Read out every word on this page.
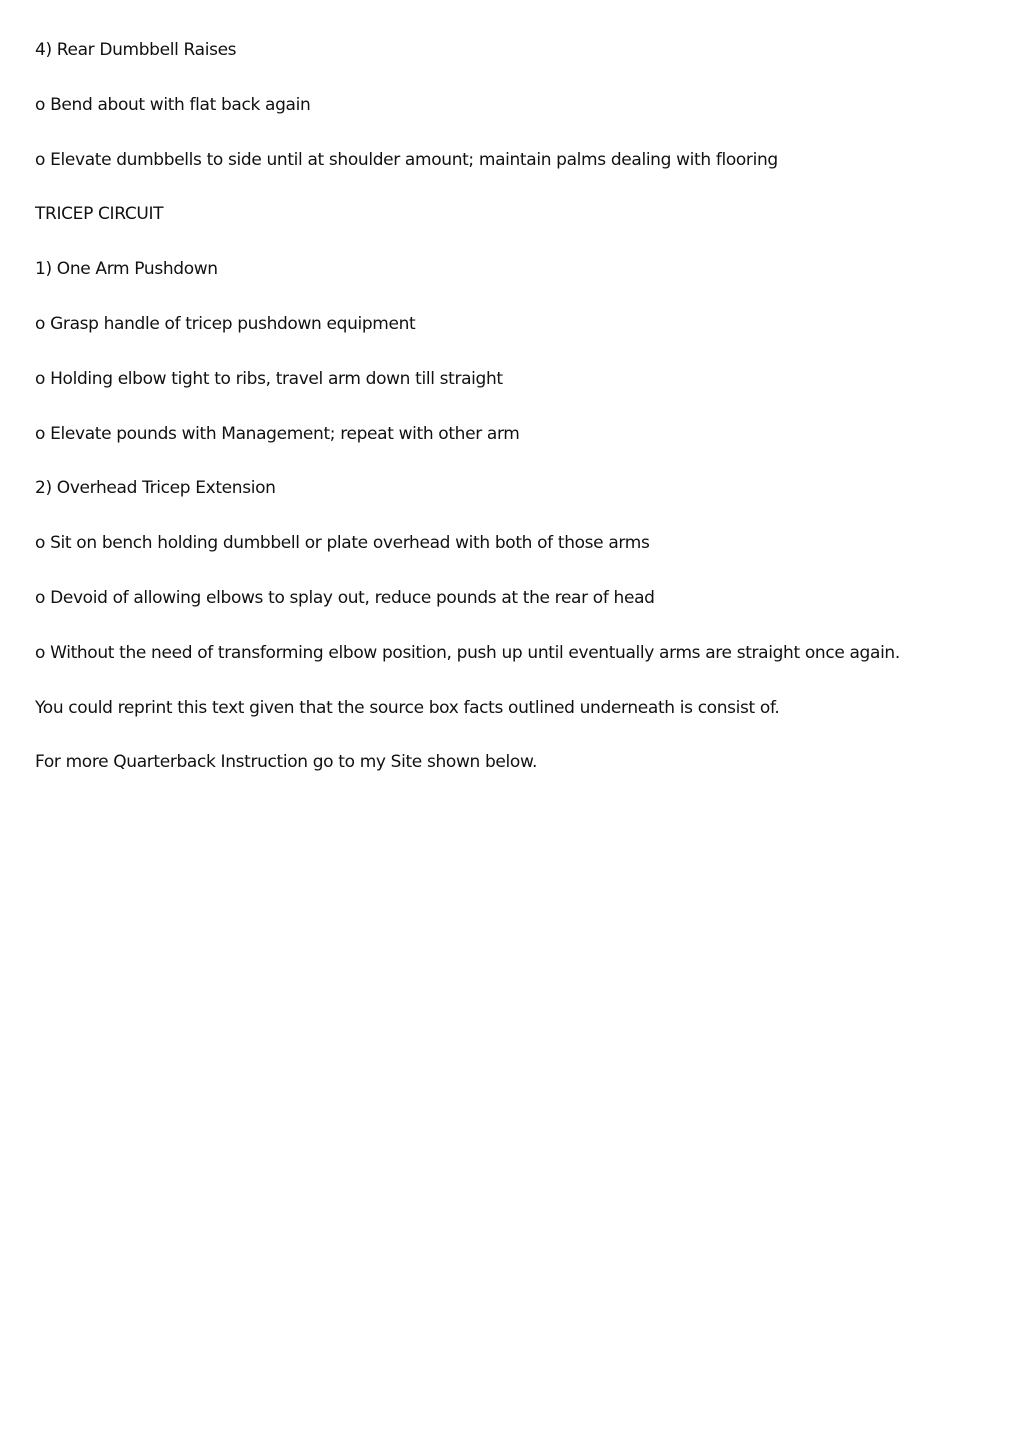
4) Rear Dumbbell Raises

o Bend about with flat back again

o Elevate dumbbells to side until at shoulder amount; maintain palms dealing with flooring

TRICEP CIRCUIT

1) One Arm Pushdown

o Grasp handle of tricep pushdown equipment

o Holding elbow tight to ribs, travel arm down till straight

o Elevate pounds with Management; repeat with other arm

2) Overhead Tricep Extension

o Sit on bench holding dumbbell or plate overhead with both of those arms

o Devoid of allowing elbows to splay out, reduce pounds at the rear of head

o Without the need of transforming elbow position, push up until eventually arms are straight once again.

You could reprint this text given that the source box facts outlined underneath is consist of.

For more Quarterback Instruction go to my Site shown below.
